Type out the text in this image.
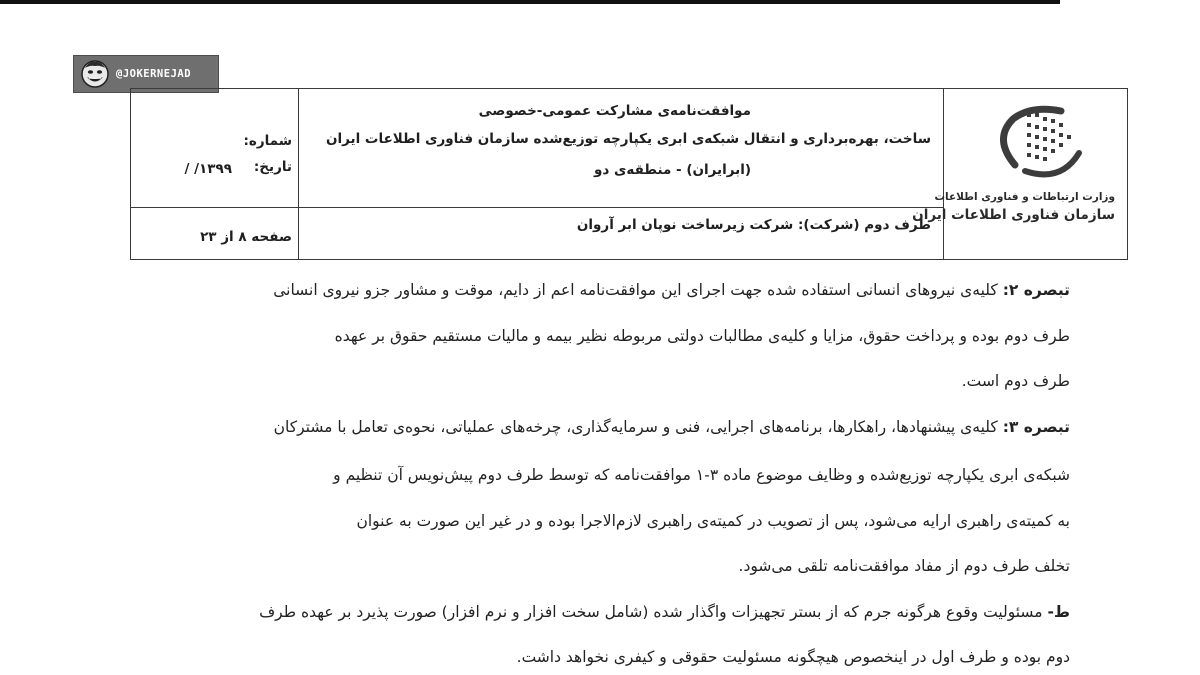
@JOKERNEJAD
شماره:
تاریخ:
/ /۱۳۹۹
صفحه ۸ از ۲۳
موافقت‌نامه‌ی مشارکت عمومی-خصوصی
ساخت، بهره‌برداری و انتقال شبکه‌ی ابری یکپارچه توزیع‌شده سازمان فناوری اطلاعات ایران
(ابرایران) - منطقه‌ی دو
طرف دوم (شرکت): شرکت زیرساخت نوپان ابر آروان
وزارت ارتباطات و فناوری اطلاعات
سازمان فناوری اطلاعات ایران
تبصره ۲: کلیه‌ی نیروهای انسانی استفاده شده جهت اجرای این موافقت‌نامه اعم از دایم، موقت و مشاور جزو نیروی انسانی
طرف دوم بوده و پرداخت حقوق، مزایا و کلیه‌ی مطالبات دولتی مربوطه نظیر بیمه و مالیات مستقیم حقوق بر عهده
طرف دوم است.
تبصره ۳: کلیه‌ی پیشنهادها، راهکارها، برنامه‌های اجرایی، فنی و سرمایه‌گذاری، چرخه‌های عملیاتی، نحوه‌ی تعامل با مشترکان
شبکه‌ی ابری یکپارچه توزیع‌شده و وظایف موضوع ماده ۳-۱ موافقت‌نامه که توسط طرف دوم پیش‌نویس آن تنظیم و
به کمیته‌ی راهبری ارایه می‌شود، پس از تصویب در کمیته‌ی راهبری لازم‌الاجرا بوده و در غیر این صورت به عنوان
تخلف طرف دوم از مفاد موافقت‌نامه تلقی می‌شود.
ط- مسئولیت وقوع هرگونه جرم که از بستر تجهیزات واگذار شده (شامل سخت افزار و نرم افزار) صورت پذیرد بر عهده طرف
دوم بوده و طرف اول در اینخصوص هیچگونه مسئولیت حقوقی و کیفری نخواهد داشت.
